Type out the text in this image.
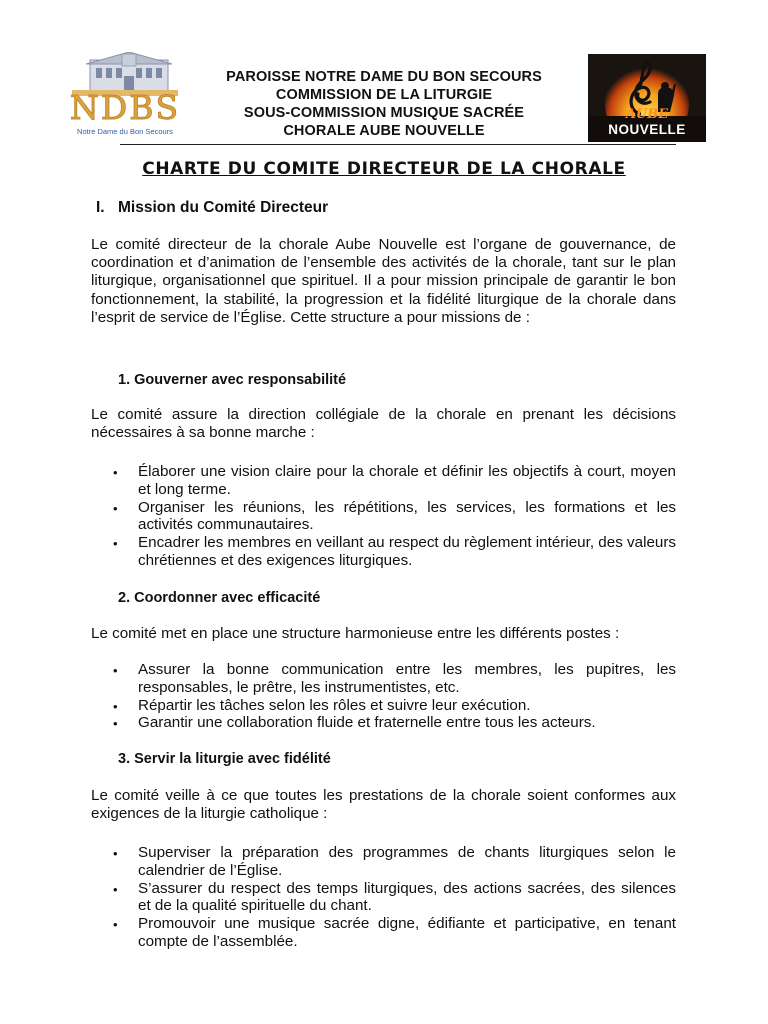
NDBS
Notre Dame du Bon Secours
PAROISSE NOTRE DAME DU BON SECOURS
COMMISSION DE LA LITURGIE
SOUS-COMMISSION MUSIQUE SACRÉE
CHORALE AUBE NOUVELLE
AUBE
NOUVELLE
CHARTE DU COMITE DIRECTEUR DE LA CHORALE
I. Mission du Comité Directeur

Le comité directeur de la chorale Aube Nouvelle est l’organe de gouvernance, de coordination et d’animation de l’ensemble des activités de la chorale, tant sur le plan liturgique, organisationnel que spirituel. Il a pour mission principale de garantir le bon fonctionnement, la stabilité, la progression et la fidélité liturgique de la chorale dans l’esprit de service de l’Église. Cette structure a pour missions de :

1. Gouverner avec responsabilité

Le comité assure la direction collégiale de la chorale en prenant les décisions nécessaires à sa bonne marche :

• Élaborer une vision claire pour la chorale et définir les objectifs à court, moyen et long terme.
• Organiser les réunions, les répétitions, les services, les formations et les activités communautaires.
• Encadrer les membres en veillant au respect du règlement intérieur, des valeurs chrétiennes et des exigences liturgiques.
2. Coordonner avec efficacité

Le comité met en place une structure harmonieuse entre les différents postes :

• Assurer la bonne communication entre les membres, les pupitres, les responsables, le prêtre, les instrumentistes, etc.
• Répartir les tâches selon les rôles et suivre leur exécution.
• Garantir une collaboration fluide et fraternelle entre tous les acteurs.
3. Servir la liturgie avec fidélité

Le comité veille à ce que toutes les prestations de la chorale soient conformes aux exigences de la liturgie catholique :

• Superviser la préparation des programmes de chants liturgiques selon le calendrier de l’Église.
• S’assurer du respect des temps liturgiques, des actions sacrées, des silences et de la qualité spirituelle du chant.
• Promouvoir une musique sacrée digne, édifiante et participative, en tenant compte de l’assemblée.
